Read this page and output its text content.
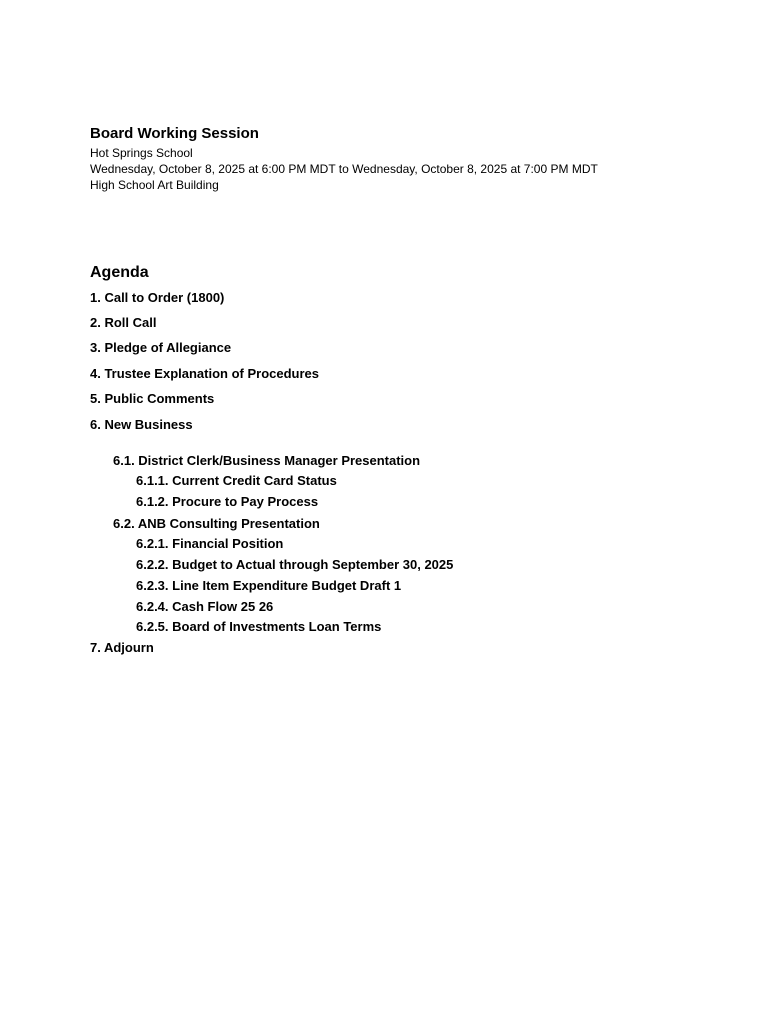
Board Working Session
Hot Springs School
Wednesday, October 8, 2025 at 6:00 PM MDT to Wednesday, October 8, 2025 at 7:00 PM MDT
High School Art Building
Agenda
1. Call to Order (1800)
2. Roll Call
3. Pledge of Allegiance
4. Trustee Explanation of Procedures
5. Public Comments
6. New Business
6.1. District Clerk/Business Manager Presentation
6.1.1. Current Credit Card Status
6.1.2. Procure to Pay Process
6.2. ANB Consulting Presentation
6.2.1. Financial Position
6.2.2. Budget to Actual through September 30, 2025
6.2.3. Line Item Expenditure Budget Draft 1
6.2.4. Cash Flow 25 26
6.2.5. Board of Investments Loan Terms
7. Adjourn
